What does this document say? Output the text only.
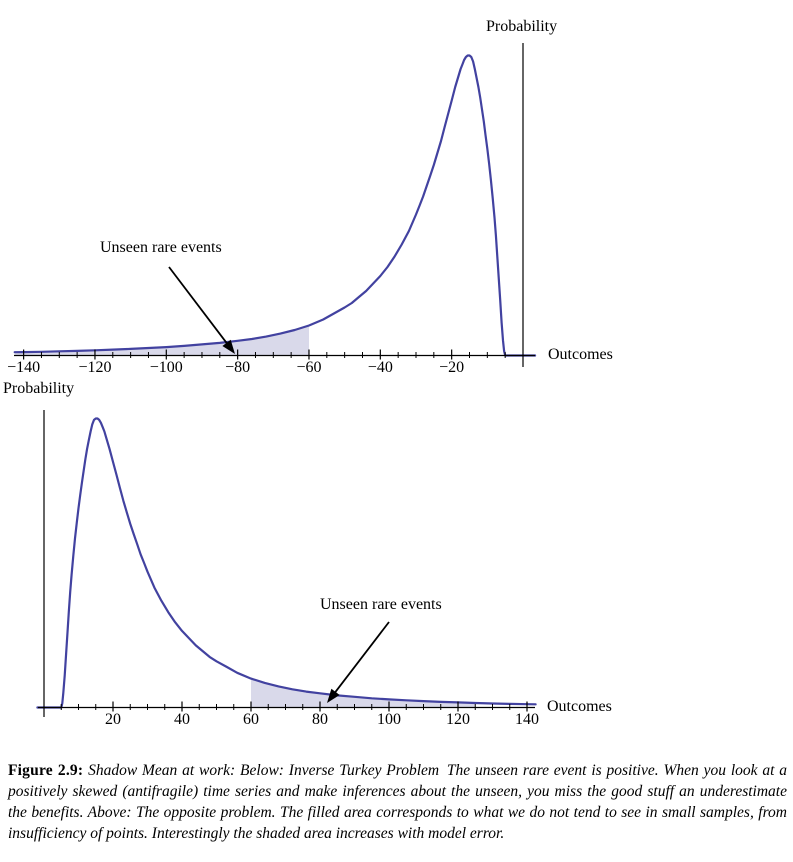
−140 −120 −100	−80	−60	−40	−20
20	40	60	80	100	120	140
Probability
Outcomes
Unseen rare events
Probability
Outcomes
Unseen rare events

Figure 2.9: Shadow Mean at work: Below: Inverse Turkey Problem The unseen rare event is positive. When you look at a positively skewed (antifragile) time series and make inferences about the unseen, you miss the good stuff an underestimate the benefits. Above: The opposite problem. The filled area corresponds to what we do not tend to see in small samples, from insufficiency of points. Interestingly the shaded area increases with model error.
